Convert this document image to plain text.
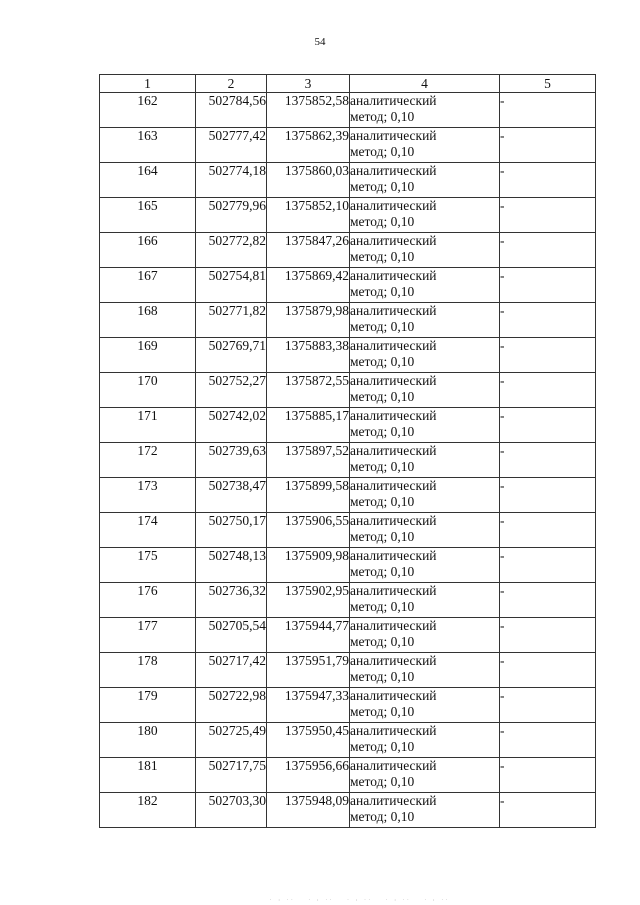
54
1	2	3	4	5
162	502784,56	1375852,58	аналитический
метод; 0,10	-
163	502777,42	1375862,39	аналитический
метод; 0,10	-
164	502774,18	1375860,03	аналитический
метод; 0,10	-
165	502779,96	1375852,10	аналитический
метод; 0,10	-
166	502772,82	1375847,26	аналитический
метод; 0,10	-
167	502754,81	1375869,42	аналитический
метод; 0,10	-
168	502771,82	1375879,98	аналитический
метод; 0,10	-
169	502769,71	1375883,38	аналитический
метод; 0,10	-
170	502752,27	1375872,55	аналитический
метод; 0,10	-
171	502742,02	1375885,17	аналитический
метод; 0,10	-
172	502739,63	1375897,52	аналитический
метод; 0,10	-
173	502738,47	1375899,58	аналитический
метод; 0,10	-
174	502750,17	1375906,55	аналитический
метод; 0,10	-
175	502748,13	1375909,98	аналитический
метод; 0,10	-
176	502736,32	1375902,95	аналитический
метод; 0,10	-
177	502705,54	1375944,77	аналитический
метод; 0,10	-
178	502717,42	1375951,79	аналитический
метод; 0,10	-
179	502722,98	1375947,33	аналитический
метод; 0,10	-
180	502725,49	1375950,45	аналитический
метод; 0,10	-
181	502717,75	1375956,66	аналитический
метод; 0,10	-
182	502703,30	1375948,09	аналитический
метод; 0,10	-
. , .. ´ . , .. ` . , .. ´ . , .. ` . , ..
